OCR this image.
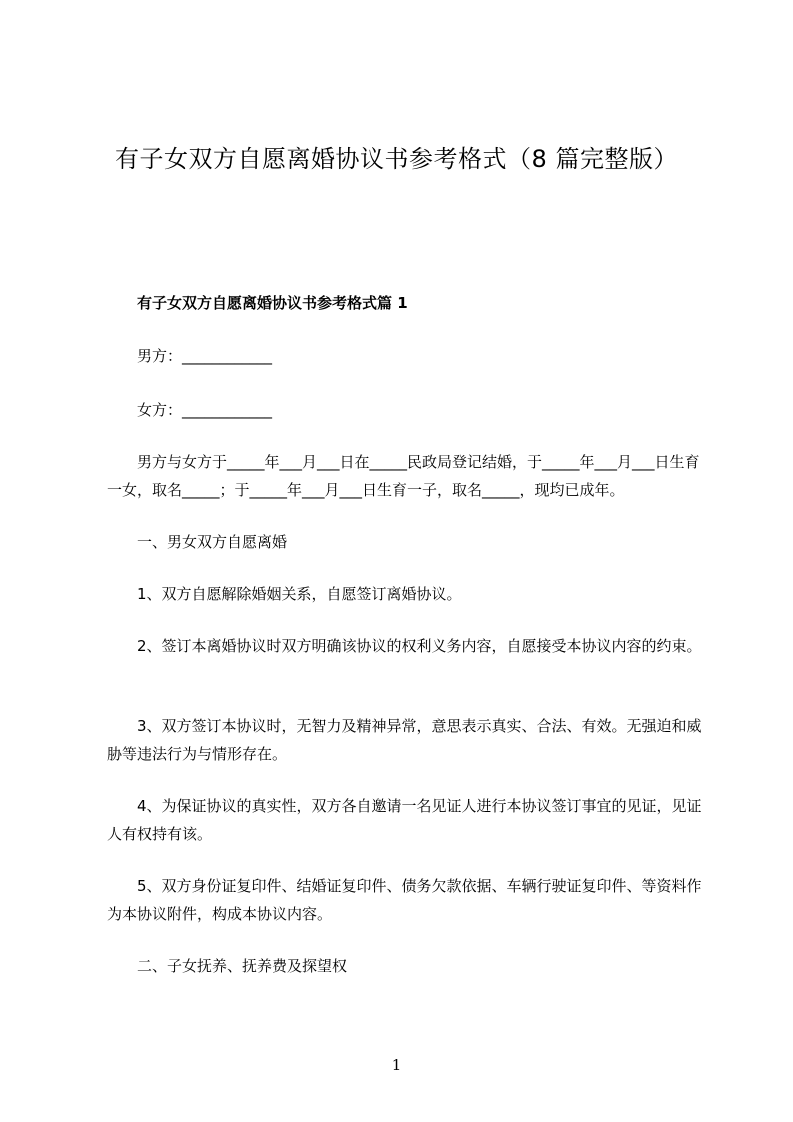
有子女双方自愿离婚协议书参考格式（8 篇完整版）
有子女双方自愿离婚协议书参考格式篇 1
男方：____________
女方：____________

男方与女方于_____年___月___日在_____民政局登记结婚，于_____年___月___日生育一女，取名_____；于_____年___月___日生育一子，取名_____，现均已成年。

一、男女双方自愿离婚

1、双方自愿解除婚姻关系，自愿签订离婚协议。

2、签订本离婚协议时双方明确该协议的权利义务内容，自愿接受本协议内容的约束。

3、双方签订本协议时，无智力及精神异常，意思表示真实、合法、有效。无强迫和威胁等违法行为与情形存在。

4、为保证协议的真实性，双方各自邀请一名见证人进行本协议签订事宜的见证，见证人有权持有该。

5、双方身份证复印件、结婚证复印件、债务欠款依据、车辆行驶证复印件、等资料作为本协议附件，构成本协议内容。

二、子女抚养、抚养费及探望权

1
